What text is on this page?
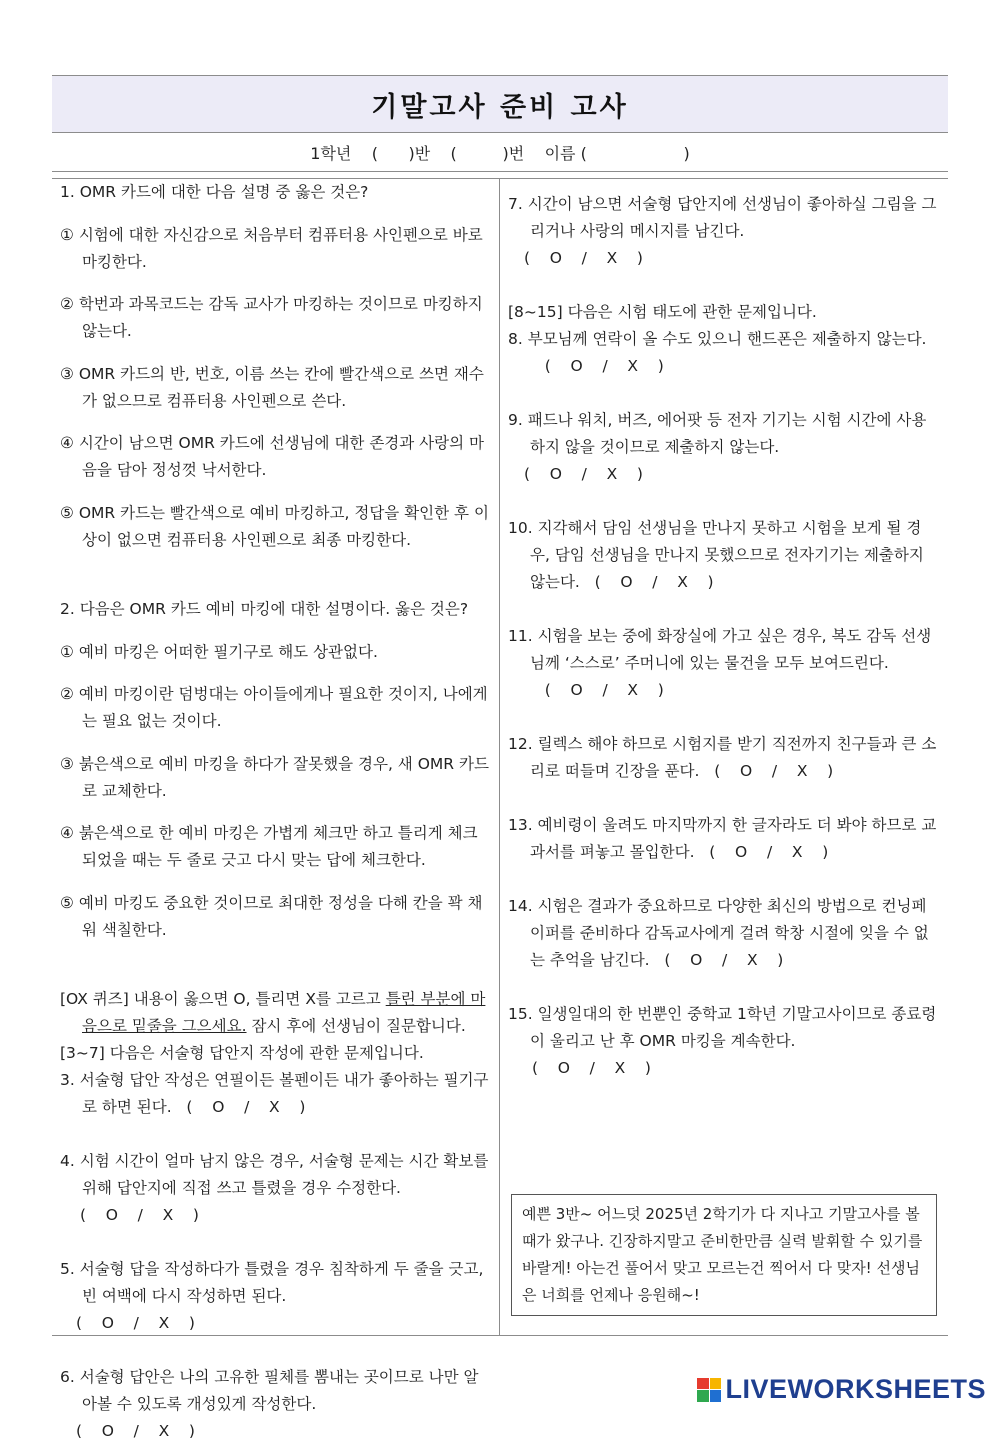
기말고사 준비 고사
1학년    (      )반    (         )번    이름 (                   )

1. OMR 카드에 대한 다음 설명 중 옳은 것은?

① 시험에 대한 자신감으로 처음부터 컴퓨터용 사인펜으로 바로 마킹한다.

② 학번과 과목코드는 감독 교사가 마킹하는 것이므로 마킹하지 않는다.

③ OMR 카드의 반, 번호, 이름 쓰는 칸에 빨간색으로 쓰면 재수가 없으므로 컴퓨터용 사인펜으로 쓴다.

④ 시간이 남으면 OMR 카드에 선생님에 대한 존경과 사랑의 마음을 담아 정성껏 낙서한다.

⑤ OMR 카드는 빨간색으로 예비 마킹하고, 정답을 확인한 후 이상이 없으면 컴퓨터용 사인펜으로 최종 마킹한다.

2. 다음은 OMR 카드 예비 마킹에 대한 설명이다. 옳은 것은?

① 예비 마킹은 어떠한 필기구로 해도 상관없다.

② 예비 마킹이란 덤벙대는 아이들에게나 필요한 것이지, 나에게는 필요 없는 것이다.

③ 붉은색으로 예비 마킹을 하다가 잘못했을 경우, 새 OMR 카드로 교체한다.

④ 붉은색으로 한 예비 마킹은 가볍게 체크만 하고 틀리게 체크 되었을 때는 두 줄로 긋고 다시 맞는 답에 체크한다.

⑤ 예비 마킹도 중요한 것이므로 최대한 정성을 다해 칸을 꽉 채워 색칠한다.

[OX 퀴즈] 내용이 옳으면 O, 틀리면 X를 고르고 틀린 부분에 마음으로 밑줄을 그으세요. 잠시 후에 선생님이 질문합니다.

[3~7] 다음은 서술형 답안지 작성에 관한 문제입니다.

3. 서술형 답안 작성은 연필이든 볼펜이든 내가 좋아하는 필기구로 하면 된다.   (    O    /    X    )

4. 시험 시간이 얼마 남지 않은 경우, 서술형 문제는 시간 확보를 위해 답안지에 직접 쓰고 틀렸을 경우 수정한다.

(    O    /    X    )

5. 서술형 답을 작성하다가 틀렸을 경우 침착하게 두 줄을 긋고, 빈 여백에 다시 작성하면 된다.

(    O    /    X    )

6. 서술형 답안은 나의 고유한 필체를 뽐내는 곳이므로 나만 알아볼 수 있도록 개성있게 작성한다.

(    O    /    X    )

7. 시간이 남으면 서술형 답안지에 선생님이 좋아하실 그림을 그리거나 사랑의 메시지를 남긴다.

(    O    /    X    )

[8~15] 다음은 시험 태도에 관한 문제입니다.

8. 부모님께 연락이 올 수도 있으니 핸드폰은 제출하지 않는다.   (    O    /    X    )

9. 패드나 워치, 버즈, 에어팟 등 전자 기기는 시험 시간에 사용하지 않을 것이므로 제출하지 않는다.

(    O    /    X    )

10. 지각해서 담임 선생님을 만나지 못하고 시험을 보게 될 경우, 담임 선생님을 만나지 못했으므로 전자기기는 제출하지 않는다.   (    O    /    X    )

11. 시험을 보는 중에 화장실에 가고 싶은 경우, 복도 감독 선생님께 ‘스스로’ 주머니에 있는 물건을 모두 보여드린다.   (    O    /    X    )

12. 릴렉스 해야 하므로 시험지를 받기 직전까지 친구들과 큰 소리로 떠들며 긴장을 푼다.   (    O    /    X    )

13. 예비령이 울려도 마지막까지 한 글자라도 더 봐야 하므로 교과서를 펴놓고 몰입한다.   (    O    /    X    )

14. 시험은 결과가 중요하므로 다양한 최신의 방법으로 컨닝페이퍼를 준비하다 감독교사에게 걸려 학창 시절에 잊을 수 없는 추억을 남긴다.   (    O    /    X    )

15. 일생일대의 한 번뿐인 중학교 1학년 기말고사이므로 종료령이 울리고 난 후 OMR 마킹을 계속한다.

(    O    /    X    )

예쁜 3반~ 어느덧 2025년 2학기가 다 지나고 기말고사를 볼 때가 왔구나. 긴장하지말고 준비한만큼 실력 발휘할 수 있기를 바랄게! 아는건 풀어서 맞고 모르는건 찍어서 다 맞자! 선생님은 너희를 언제나 응원해~!
LIVEWORKSHEETS
